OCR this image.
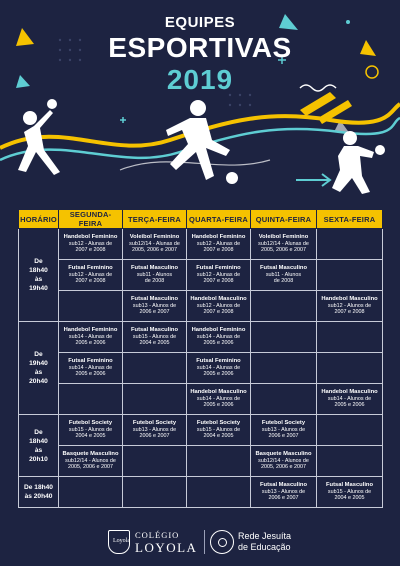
EQUIPES
ESPORTIVAS
2019
HORÁRIO	SEGUNDA-FEIRA	TERÇA-FEIRA	QUARTA-FEIRA	QUINTA-FEIRA	SEXTA-FEIRA

De
18h40
às
19h40	Handebol Feminino
sub12 - Alunas de
2007 e 2008	Voleibol Feminino
sub12/14 - Alunas de
2005, 2006 e 2007	Handebol Feminino
sub12 - Alunas de
2007 e 2008	Voleibol Feminino
sub12/14 - Alunas de
2005, 2006 e 2007	

	Futsal Feminino
sub12 - Alunas de
2007 e 2008	Futsal Masculino
sub11 - Alunos
de 2008	Futsal Feminino
sub12 - Alunas de
2007 e 2008	Futsal Masculino
sub11 - Alunos
de 2008	

		Futsal Masculino
sub13 - Alunos de
2006 e 2007	Handebol Masculino
sub12 - Alunos de
2007 e 2008		Handebol Masculino
sub12 - Alunos de
2007 e 2008

De
19h40
às
20h40	Handebol Feminino
sub14 - Alunas de
2005 e 2006	Futsal Masculino
sub15 - Alunos de
2004 e 2005	Handebol Feminino
sub14 - Alunas de
2005 e 2006		

	Futsal Feminino
sub14 - Alunas de
2005 e 2006		Futsal Feminino
sub14 - Alunas de
2005 e 2006		

			Handebol Masculino
sub14 - Alunos de
2005 e 2006		Handebol Masculino
sub14 - Alunos de
2005 e 2006

De
18h40
às
20h10	Futebol Society
sub15 - Alunos de
2004 e 2005	Futebol Society
sub13 - Alunos de
2006 e 2007	Futebol Society
sub15 - Alunos de
2004 e 2005	Futebol Society
sub13 - Alunos de
2006 e 2007	

	Basquete Masculino
sub12/14 - Alunos de
2005, 2006 e 2007			Basquete Masculino
sub12/14 - Alunos de
2005, 2006 e 2007	

De 18h40
às 20h40				Futsal Masculino
sub13 - Alunos de
2006 e 2007	Futsal Masculino
sub15 - Alunos de
2004 e 2005
Loyola
COLÉGIO
LOYOLA
Rede Jesuíta
de Educação
